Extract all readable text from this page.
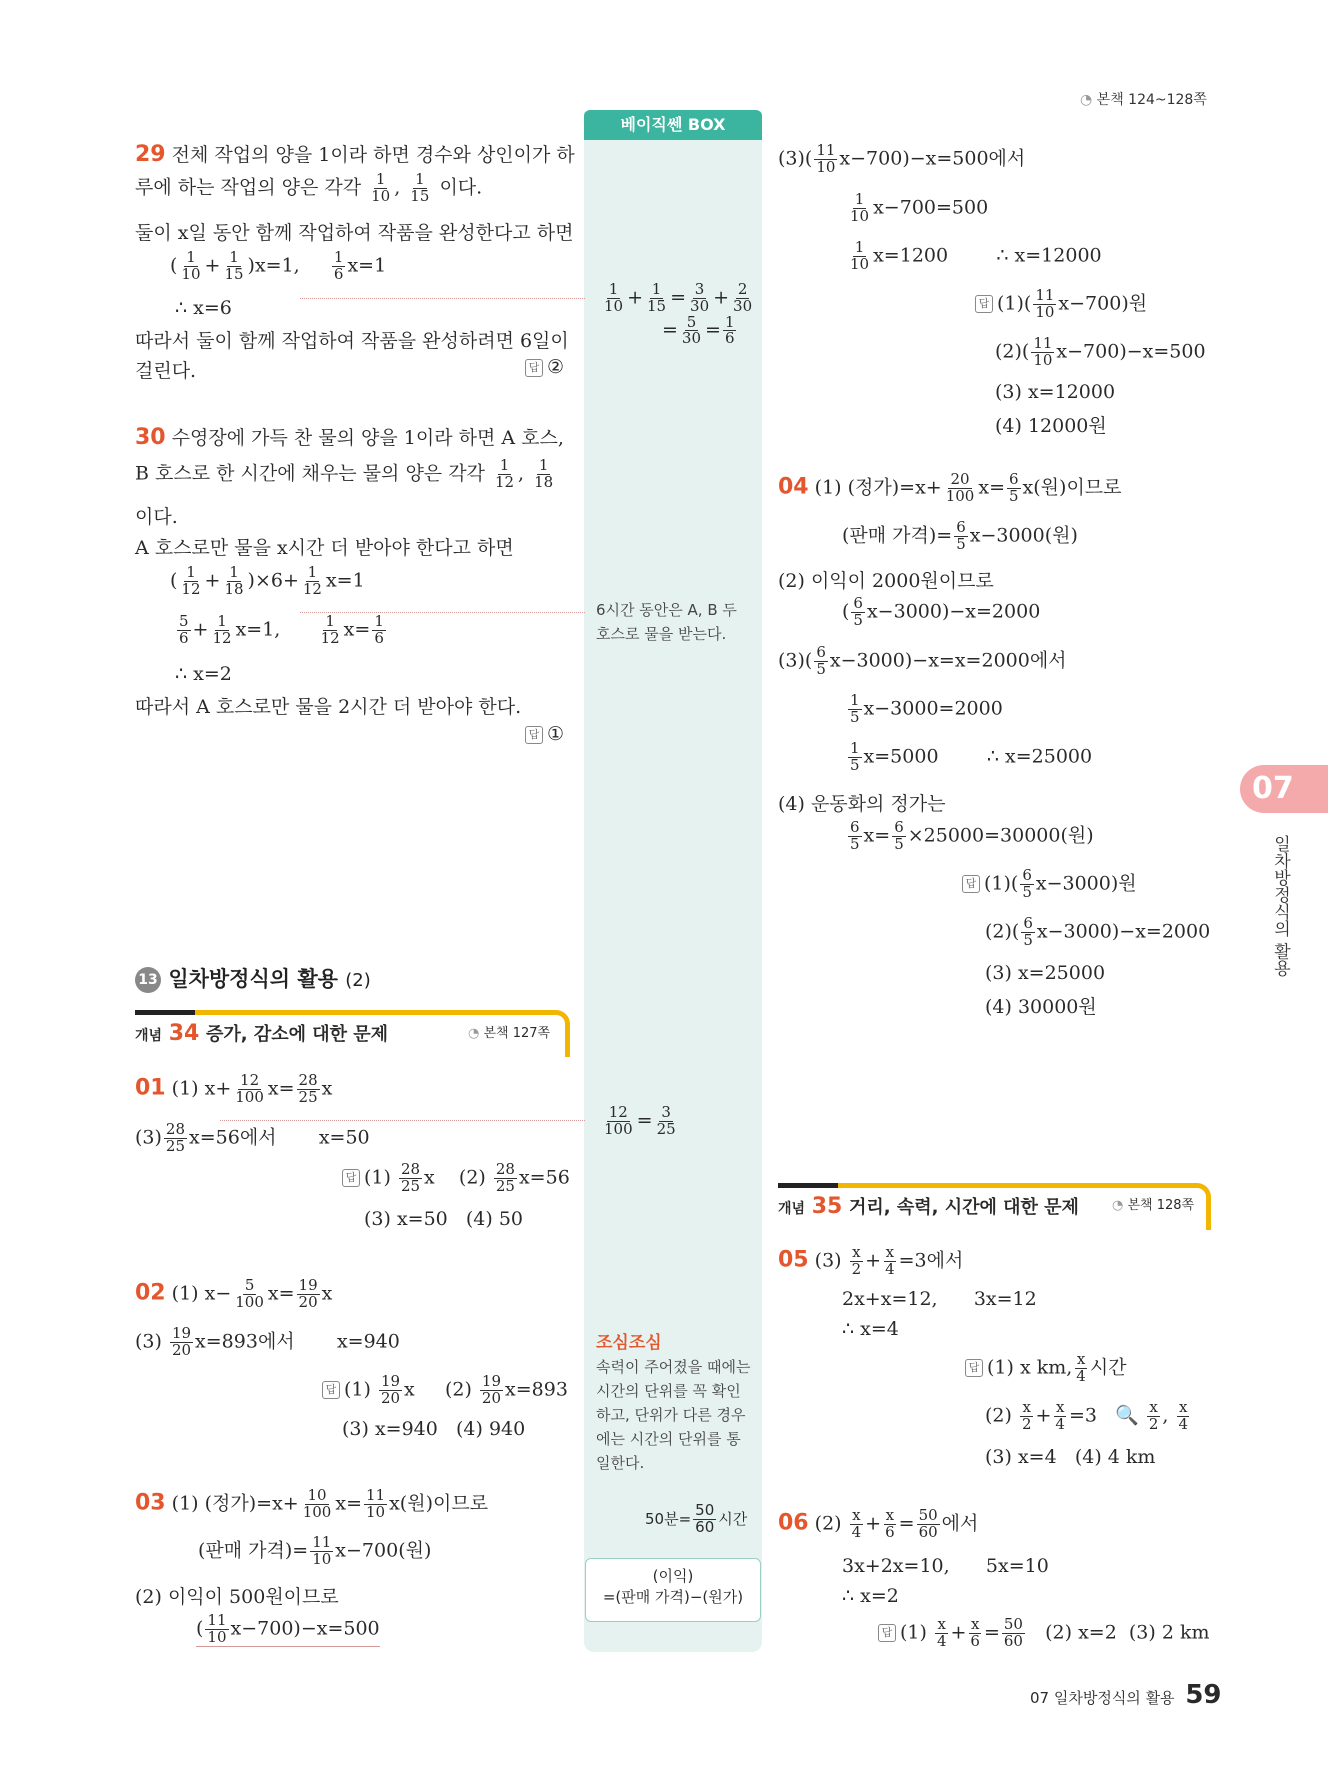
◔ 본책 124~128쪽
베이직쎈 BOX
29 전체 작업의 양을 1이라 하면 경수와 상인이가 하
루에 하는 작업의 양은 각각 $\frac{1}{10}$ , $\frac{1}{15}$ 이다.
둘이 x일 동안 함께 작업하여 작품을 완성한다고 하면
( $\frac{1}{10} + \frac{1}{15} )x=1$, $\frac{1}{6} x=1$
∴ x=6
따라서 둘이 함께 작업하여 작품을 완성하려면 6일이
걸린다.	답 ②
$\frac{1}{10} + \frac{1}{15} = \frac{3}{30} + \frac{2}{30}$

= $\frac{5}{30} = \frac{1}{6}$
30 수영장에 가득 찬 물의 양을 1이라 하면 A 호스,
B 호스로 한 시간에 채우는 물의 양은 각각 $\frac{1}{12}$ , $\frac{1}{18}$
이다.
A 호스로만 물을 x시간 더 받아야 한다고 하면
( $\frac{1}{12} + \frac{1}{18} )\times 6+ \frac{1}{12} x=1$
$\frac{5}{6} + \frac{1}{12} x=1$, $\frac{1}{12} x= \frac{1}{6}$
∴ x=2
따라서 A 호스로만 물을 2시간 더 받아야 한다.
답 ①
6시간 동안은 A, B 두 호스로 물을 받는다.
13 일차방정식의 활용 (2)
개념 34 증가, 감소에 대한 문제	◔ 본책 127쪽
01 (1) $x+ \frac{12}{100} x= \frac{28}{25}$ x
$(3) \frac{28}{25} x=56$에서 x=50
답 $(1) \frac{28}{25}$ x    $(2) \frac{28}{25} x=56$
(3) x=50 (4) 50
$\frac{12}{100} = \frac{3}{25}$
02 (1) $x- \frac{5}{100} x= \frac{19}{20}$ x
$(3) \frac{19}{20} x=893$에서 x=940
답 $(1) \frac{19}{20}$ x     $(2) \frac{19}{20} x=893$
(3) x=940 (4) 940
03 (1) (정가)$=x+ \frac{10}{100} x= \frac{11}{10} x$(원)이므로
(판매 가격)= $\frac{11}{10} x-700$(원)
(2) 이익이 500원이므로
( $\frac{11}{10} x-700)-x=500$
조심조심
속력이 주어졌을 때에는 시간의 단위를 꼭 확인하고, 단위가 다른 경우에는 시간의 단위를 통일한다.
50분= $\frac{50}{60}$ 시간
(이익)
=(판매 가격)−(원가)
$(3)( \frac{11}{10} x-700)-x=500$에서
$\frac{1}{10} x-700=500$
$\frac{1}{10} x=1200$	∴ x=12000
답 $(1)( \frac{11}{10} x-700)$원
$(2)( \frac{11}{10} x-700)-x=500$
(3) x=12000
(4) 12000원
04 (1) (정가)$=x+ \frac{20}{100} x= \frac{6}{5} x$(원)이므로
(판매 가격)= $\frac{6}{5} x-3000$(원)
(2) 이익이 2000원이므로
( $\frac{6}{5} x-3000)-x=2000$
$(3)( \frac{6}{5} x-3000)-x=x=2000$에서
$\frac{1}{5} x-3000=2000$
$\frac{1}{5} x=5000$	∴ x=25000
(4) 운동화의 정가는
$\frac{6}{5} x= \frac{6}{5} \times 25000=30000$(원)
답 $(1)( \frac{6}{5} x-3000)$원
$(2)( \frac{6}{5} x-3000)-x=2000$
(3) x=25000
(4) 30000원
개념 35 거리, 속력, 시간에 대한 문제	◔ 본책 128쪽
05 $(3) \frac{x}{2} + \frac{x}{4} =3$에서
2x+x=12, 3x=12
∴ x=4
답 (1) x km, $\frac{x}{4}$ 시간
$(2) \frac{x}{2} + \frac{x}{4} =3$ 🔍 $\frac{x}{2}$ , $\frac{x}{4}$
(3) x=4 (4) 4 km
06 $(2) \frac{x}{4} + \frac{x}{6} = \frac{50}{60}$ 에서
3x+2x=10, 5x=10
∴ x=2
답 $(1) \frac{x}{4} + \frac{x}{6} = \frac{50}{60} (2)$ x=2 (3) 2 km
07
일차방정식의 활용
07 일차방정식의 활용 59
